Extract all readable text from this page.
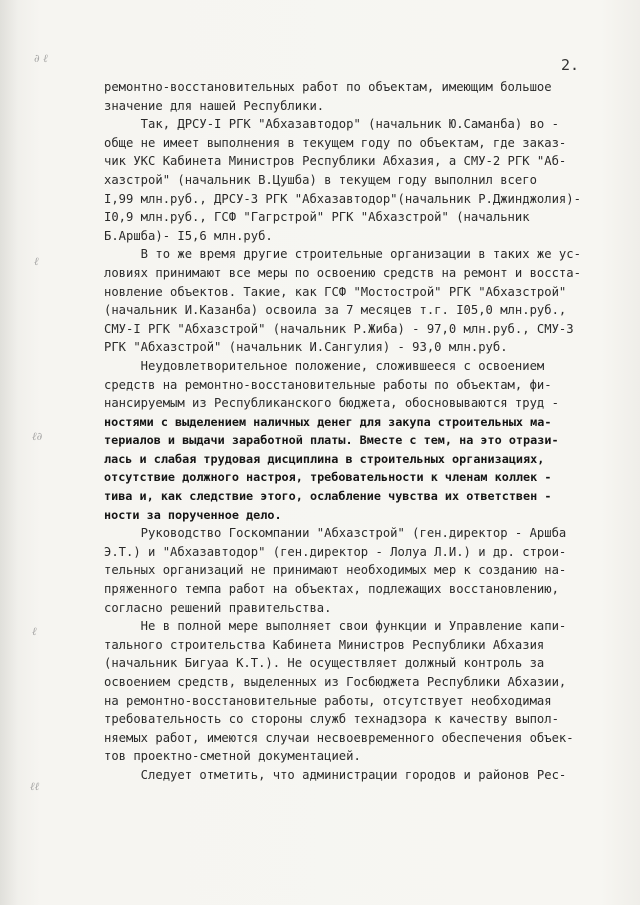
∂ ℓ
ℓ
ℓ∂
ℓ
ℓℓ
2.
ремонтно-восстановительных работ по объектам, имеющим большое
значение для нашей Республики.
Так, ДРСУ-I РГК "Абхазавтодор" (начальник Ю.Саманба) во -
обще не имеет выполнения в текущем году по объектам, где заказ-
чик УКС Кабинета Министров Республики Абхазия, а СМУ-2 РГК "Аб-
хазстрой" (начальник В.Цушба) в текущем году выполнил всего
I,99 млн.руб., ДРСУ-3 РГК "Абхазавтодор"(начальник Р.Джинджолия)-
I0,9 млн.руб., ГСФ "Гагрстрой" РГК "Абхазстрой" (начальник
Б.Аршба)- I5,6 млн.руб.
В то же время другие строительные организации в таких же ус-
ловиях принимают все меры по освоению средств на ремонт и восста-
новление объектов. Такие, как ГСФ "Мостострой" РГК "Абхазстрой"
(начальник И.Казанба) освоила за 7 месяцев т.г. I05,0 млн.руб.,
СМУ-I РГК "Абхазстрой" (начальник Р.Жиба) - 97,0 млн.руб., СМУ-3
РГК "Абхазстрой" (начальник И.Сангулия) - 93,0 млн.руб.
Неудовлетворительное положение, сложившееся с освоением
средств на ремонтно-восстановительные работы по объектам, фи-
нансируемым из Республиканского бюджета, обосновываются труд -
ностями с выделением наличных денег для закупа строительных ма-
териалов и выдачи заработной платы. Вместе с тем, на это отрази-
лась и слабая трудовая дисциплина в строительных организациях,
отсутствие должного настроя, требовательности к членам коллек -
тива и, как следствие этого, ослабление чувства их ответствен -
ности за порученное дело.
Руководство Госкомпании "Абхазстрой" (ген.директор - Аршба
Э.Т.) и "Абхазавтодор" (ген.директор - Лолуа Л.И.) и др. строи-
тельных организаций не принимают необходимых мер к созданию на-
пряженного темпа работ на объектах, подлежащих восстановлению,
согласно решений правительства.
Не в полной мере выполняет свои функции и Управление капи-
тального строительства Кабинета Министров Республики Абхазия
(начальник Бигуаа К.Т.). Не осуществляет должный контроль за
освоением средств, выделенных из Госбюджета Республики Абхазии,
на ремонтно-восстановительные работы, отсутствует необходимая
требовательность со стороны служб технадзора к качеству выпол-
няемых работ, имеются случаи несвоевременного обеспечения объек-
тов проектно-сметной документацией.
Следует отметить, что администрации городов и районов Рес-
